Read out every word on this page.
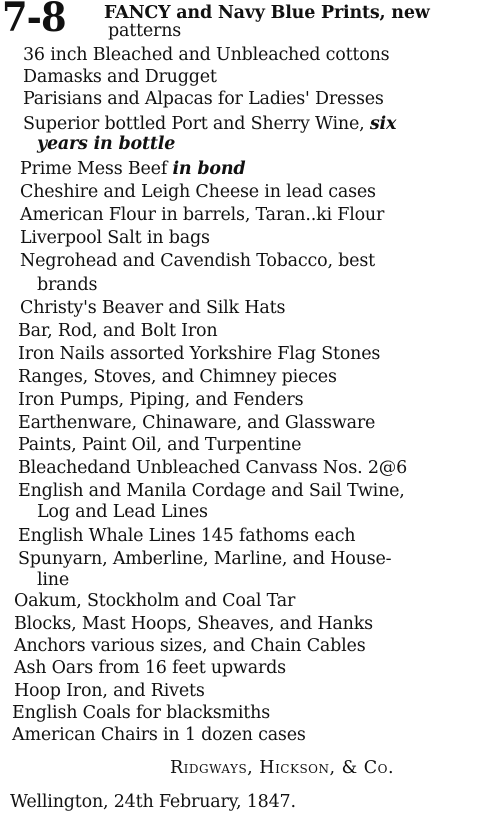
7-8 FANCY and Navy Blue Prints, new
patterns
36 inch Bleached and Unbleached cottons
Damasks and Drugget
Parisians and Alpacas for Ladies' Dresses
Superior bottled Port and Sherry Wine, six
years in bottle
Prime Mess Beef in bond
Cheshire and Leigh Cheese in lead cases
American Flour in barrels, Taran..ki Flour
Liverpool Salt in bags
Negrohead and Cavendish Tobacco, best
brands
Christy's Beaver and Silk Hats
Bar, Rod, and Bolt Iron
Iron Nails assorted Yorkshire Flag Stones
Ranges, Stoves, and Chimney pieces
Iron Pumps, Piping, and Fenders
Earthenware, Chinaware, and Glassware
Paints, Paint Oil, and Turpentine
Bleachedand Unbleached Canvass Nos. 2@6
English and Manila Cordage and Sail Twine,
Log and Lead Lines
English Whale Lines 145 fathoms each
Spunyarn, Amberline, Marline, and House-
line
Oakum, Stockholm and Coal Tar
Blocks, Mast Hoops, Sheaves, and Hanks
Anchors various sizes, and Chain Cables
Ash Oars from 16 feet upwards
Hoop Iron, and Rivets
English Coals for blacksmiths
American Chairs in 1 dozen cases
Ridgways, Hickson, & Co.
Wellington, 24th February, 1847.
